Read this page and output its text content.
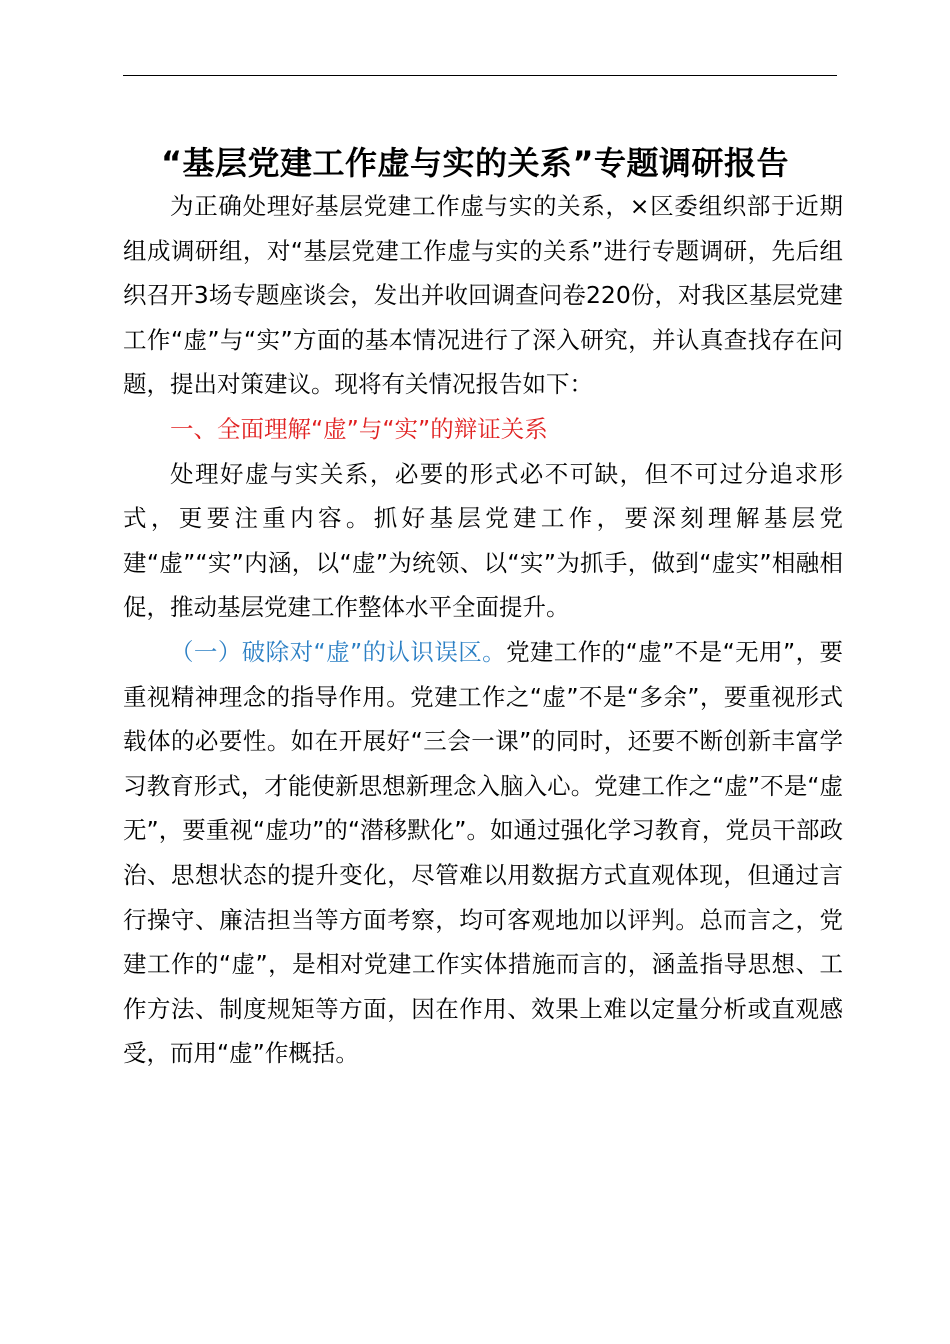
“基层党建工作虚与实的关系”专题调研报告

为正确处理好基层党建工作虚与实的关系，×区委组织部于近期组成调研组，对“基层党建工作虚与实的关系”进行专题调研，先后组织召开3场专题座谈会，发出并收回调查问卷220份，对我区基层党建工作“虚”与“实”方面的基本情况进行了深入研究，并认真查找存在问题，提出对策建议。现将有关情况报告如下：

一、全面理解“虚”与“实”的辩证关系

处理好虚与实关系，必要的形式必不可缺，但不可过分追求形式，更要注重内容。抓好基层党建工作，要深刻理解基层党建“虚”“实”内涵，以“虚”为统领、以“实”为抓手，做到“虚实”相融相促，推动基层党建工作整体水平全面提升。

（一）破除对“虚”的认识误区。党建工作的“虚”不是“无用”，要重视精神理念的指导作用。党建工作之“虚”不是“多余”，要重视形式载体的必要性。如在开展好“三会一课”的同时，还要不断创新丰富学习教育形式，才能使新思想新理念入脑入心。党建工作之“虚”不是“虚无”，要重视“虚功”的“潜移默化”。如通过强化学习教育，党员干部政治、思想状态的提升变化，尽管难以用数据方式直观体现，但通过言行操守、廉洁担当等方面考察，均可客观地加以评判。总而言之，党建工作的“虚”，是相对党建工作实体措施而言的，涵盖指导思想、工作方法、制度规矩等方面，因在作用、效果上难以定量分析或直观感受，而用“虚”作概括。
